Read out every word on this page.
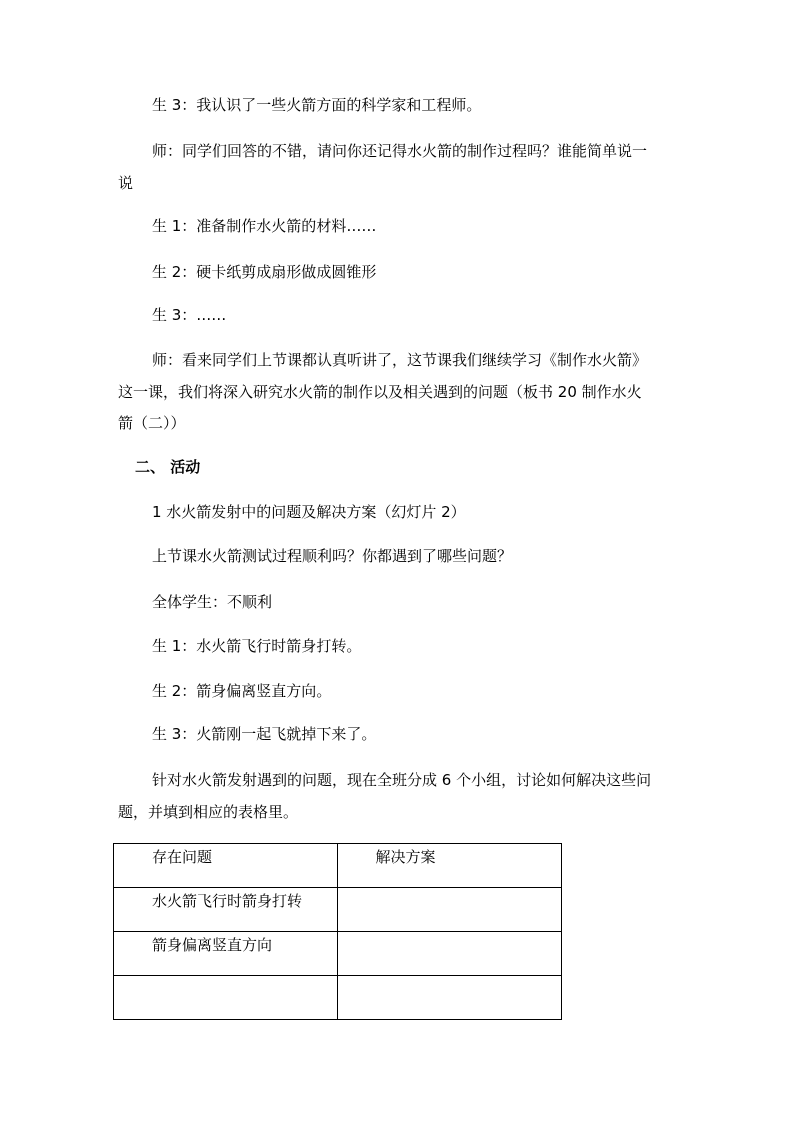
生 3：我认识了一些火箭方面的科学家和工程师。
师：同学们回答的不错，请问你还记得水火箭的制作过程吗？谁能简单说一
说
生 1：准备制作水火箭的材料……
生 2：硬卡纸剪成扇形做成圆锥形
生 3：……
师：看来同学们上节课都认真听讲了，这节课我们继续学习《制作水火箭》
这一课，我们将深入研究水火箭的制作以及相关遇到的问题（板书 20 制作水火
箭（二））
二、 活动
1 水火箭发射中的问题及解决方案（幻灯片 2）
上节课水火箭测试过程顺利吗？你都遇到了哪些问题？
全体学生：不顺利
生 1：水火箭飞行时箭身打转。
生 2：箭身偏离竖直方向。
生 3：火箭刚一起飞就掉下来了。
针对水火箭发射遇到的问题，现在全班分成 6 个小组，讨论如何解决这些问
题，并填到相应的表格里。
存在问题	解决方案
水火箭飞行时箭身打转	
箭身偏离竖直方向	
